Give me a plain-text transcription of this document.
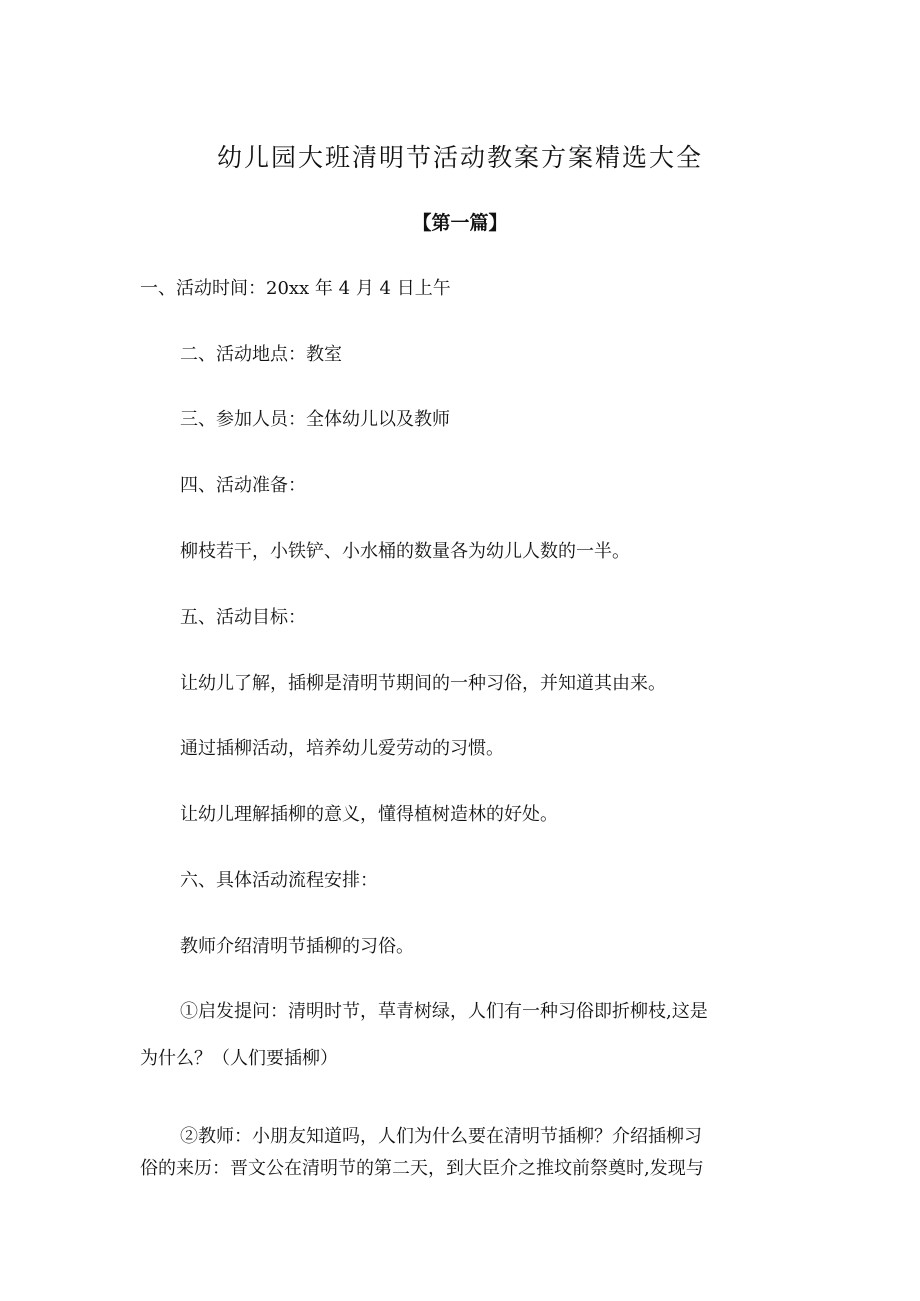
幼儿园大班清明节活动教案方案精选大全
【第一篇】
一、活动时间：20xx 年 4 月 4 日上午
二、活动地点：教室
三、参加人员：全体幼儿以及教师
四、活动准备：
柳枝若干，小铁铲、小水桶的数量各为幼儿人数的一半。
五、活动目标：
让幼儿了解，插柳是清明节期间的一种习俗，并知道其由来。
通过插柳活动，培养幼儿爱劳动的习惯。
让幼儿理解插柳的意义，懂得植树造林的好处。
六、具体活动流程安排：
教师介绍清明节插柳的习俗。
①启发提问：清明时节，草青树绿，人们有一种习俗即折柳枝,这是
为什么？（人们要插柳）
②教师：小朋友知道吗，人们为什么要在清明节插柳？介绍插柳习
俗的来历：晋文公在清明节的第二天，到大臣介之推坟前祭奠时,发现与
